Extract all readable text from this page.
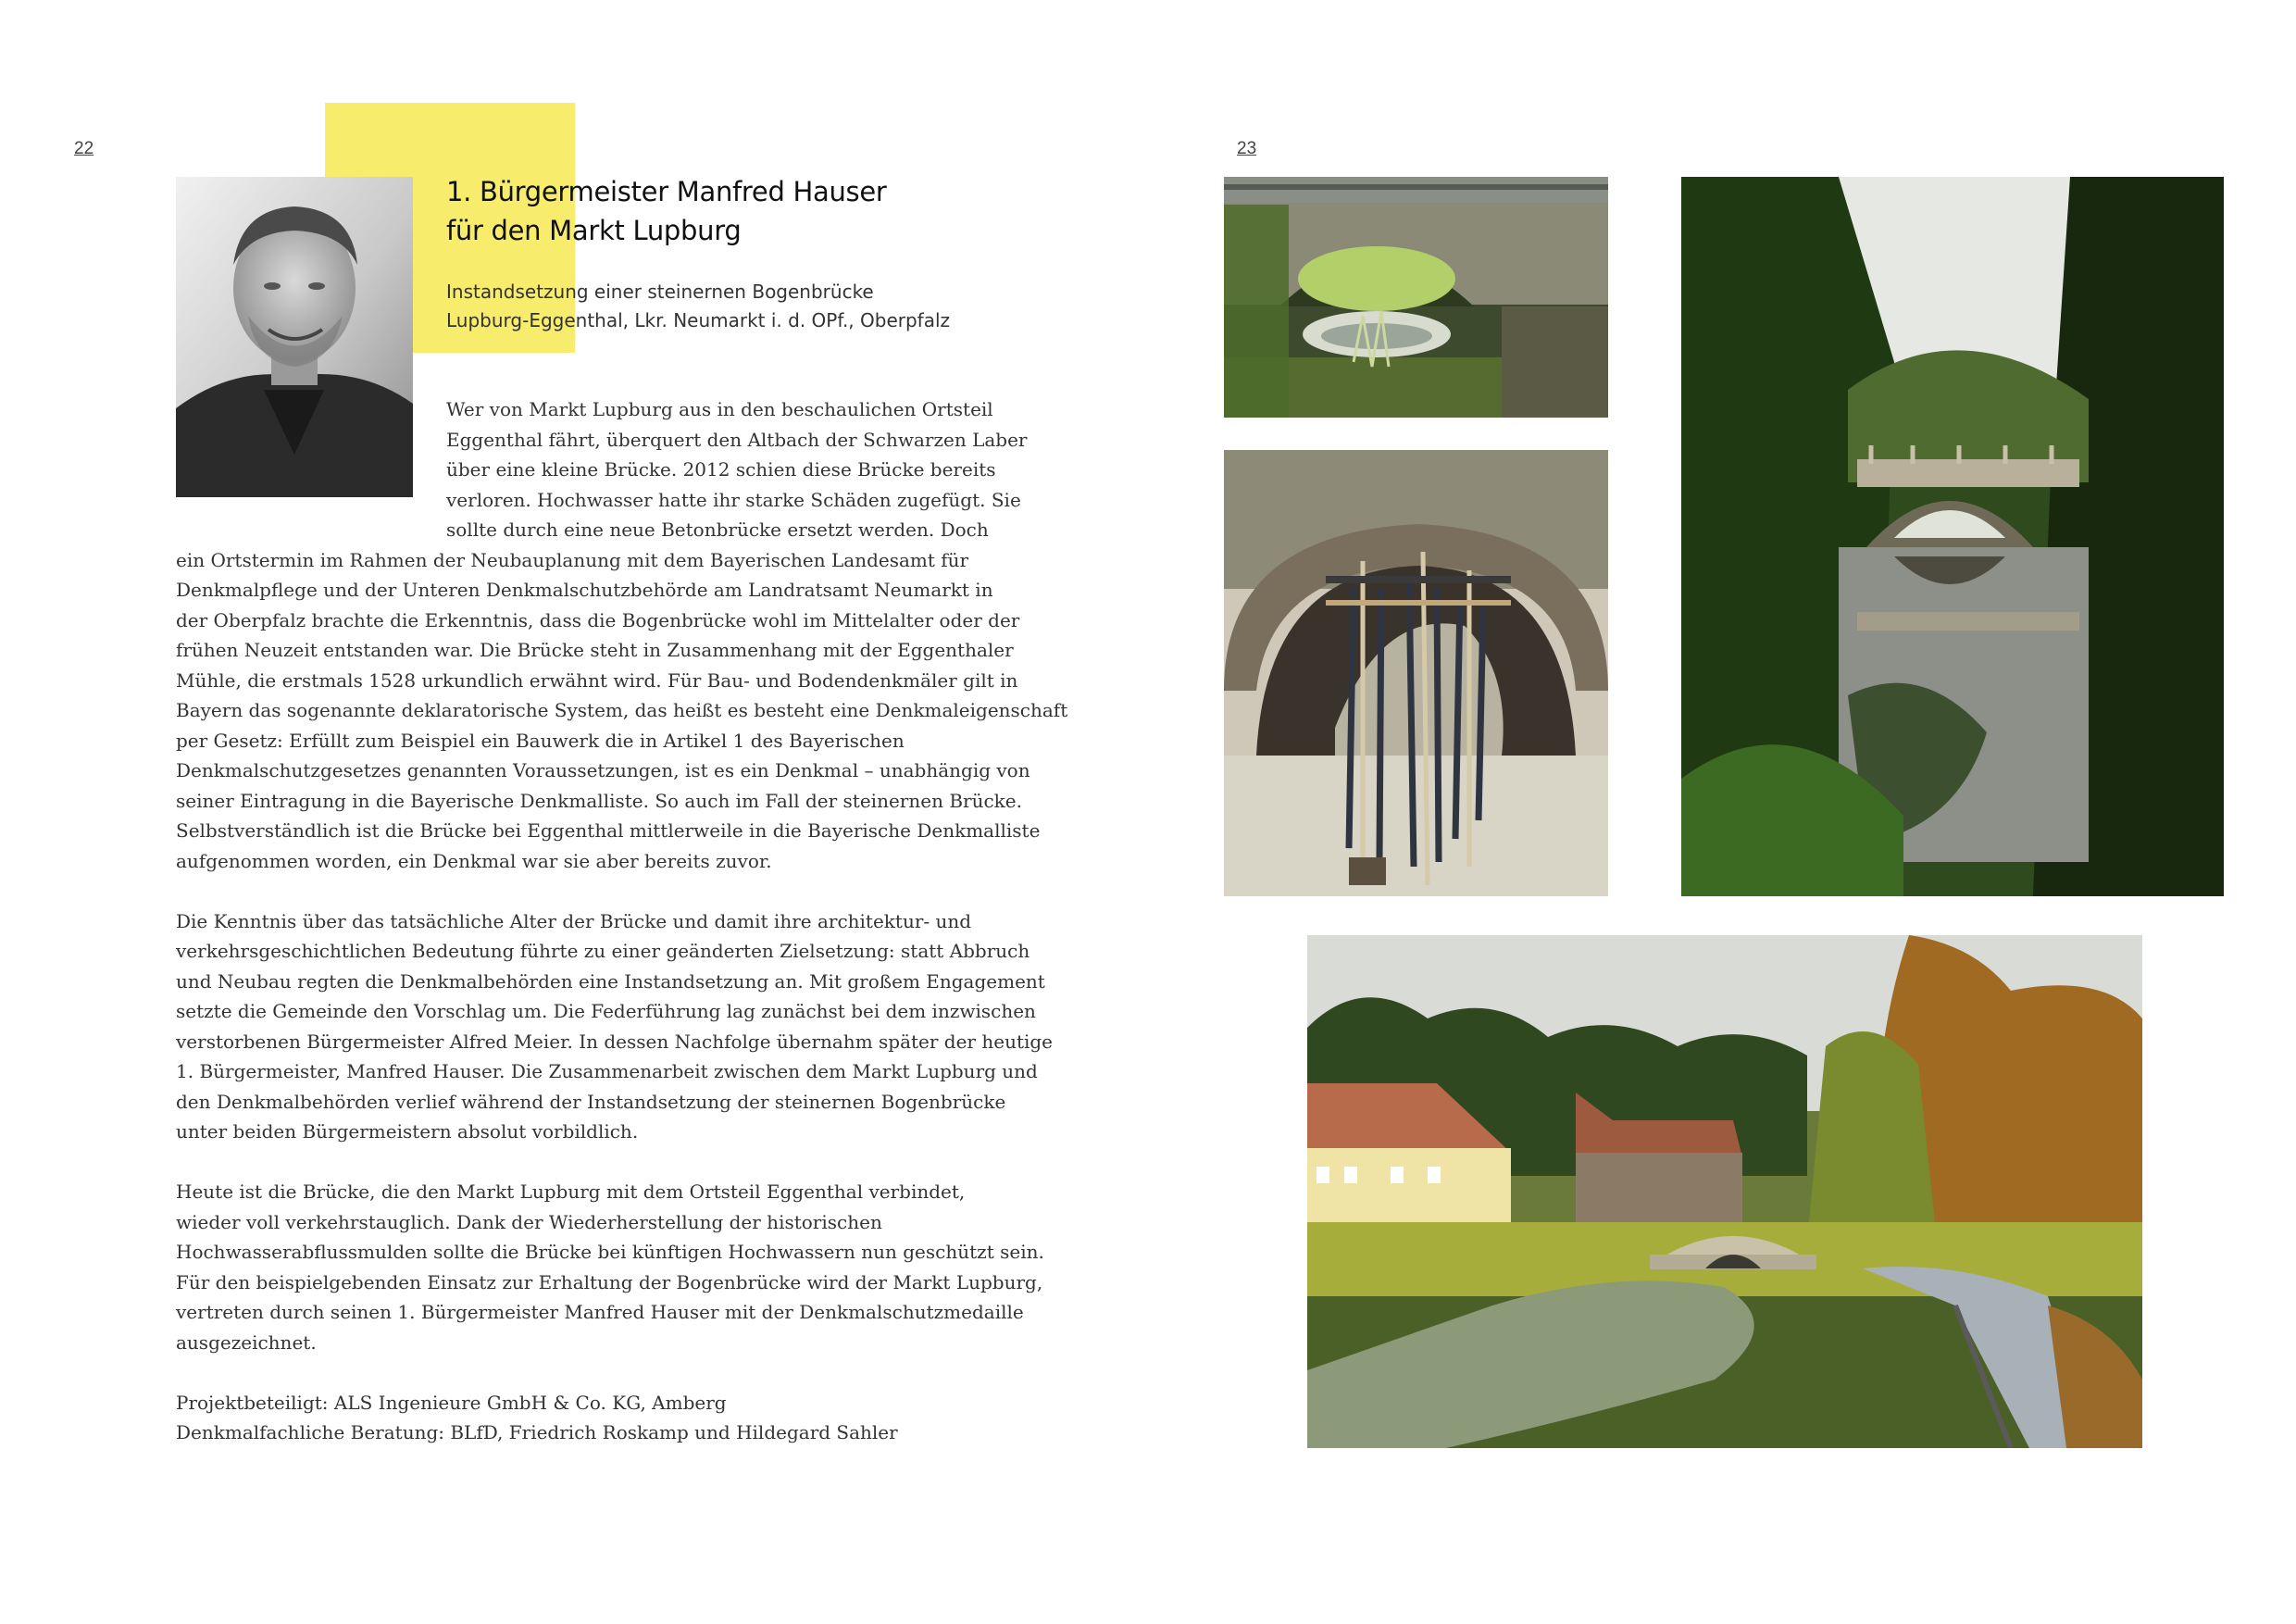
22	23
1. Bürgermeister Manfred Hauser
für den Markt Lupburg
Instandsetzung einer steinernen Bogenbrücke
Lupburg-Eggenthal, Lkr. Neumarkt i. d. OPf., Oberpfalz
Wer von Markt Lupburg aus in den beschaulichen Ortsteil
Eggenthal fährt, überquert den Altbach der Schwarzen Laber
über eine kleine Brücke. 2012 schien diese Brücke bereits
verloren. Hochwasser hatte ihr starke Schäden zugefügt. Sie
sollte durch eine neue Betonbrücke ersetzt werden. Doch
ein Ortstermin im Rahmen der Neubauplanung mit dem Bayerischen Landesamt für
Denkmalpflege und der Unteren Denkmalschutzbehörde am Landratsamt Neumarkt in
der Oberpfalz brachte die Erkenntnis, dass die Bogenbrücke wohl im Mittelalter oder der
frühen Neuzeit entstanden war. Die Brücke steht in Zusammenhang mit der Eggenthaler
Mühle, die erstmals 1528 urkundlich erwähnt wird. Für Bau- und Bodendenkmäler gilt in
Bayern das sogenannte deklaratorische System, das heißt es besteht eine Denkmaleigenschaft
per Gesetz: Erfüllt zum Beispiel ein Bauwerk die in Artikel 1 des Bayerischen
Denkmalschutzgesetzes genannten Voraussetzungen, ist es ein Denkmal – unabhängig von
seiner Eintragung in die Bayerische Denkmalliste. So auch im Fall der steinernen Brücke.
Selbstverständlich ist die Brücke bei Eggenthal mittlerweile in die Bayerische Denkmalliste
aufgenommen worden, ein Denkmal war sie aber bereits zuvor.
Die Kenntnis über das tatsächliche Alter der Brücke und damit ihre architektur- und
verkehrsgeschichtlichen Bedeutung führte zu einer geänderten Zielsetzung: statt Abbruch
und Neubau regten die Denkmalbehörden eine Instandsetzung an. Mit großem Engagement
setzte die Gemeinde den Vorschlag um. Die Federführung lag zunächst bei dem inzwischen
verstorbenen Bürgermeister Alfred Meier. In dessen Nachfolge übernahm später der heutige
1. Bürgermeister, Manfred Hauser. Die Zusammenarbeit zwischen dem Markt Lupburg und
den Denkmalbehörden verlief während der Instandsetzung der steinernen Bogenbrücke
unter beiden Bürgermeistern absolut vorbildlich.
Heute ist die Brücke, die den Markt Lupburg mit dem Ortsteil Eggenthal verbindet,
wieder voll verkehrstauglich. Dank der Wiederherstellung der historischen
Hochwasserabflussmulden sollte die Brücke bei künftigen Hochwassern nun geschützt sein.
Für den beispielgebenden Einsatz zur Erhaltung der Bogenbrücke wird der Markt Lupburg,
vertreten durch seinen 1. Bürgermeister Manfred Hauser mit der Denkmalschutzmedaille
ausgezeichnet.
Projektbeteiligt: ALS Ingenieure GmbH & Co. KG, Amberg
Denkmalfachliche Beratung: BLfD, Friedrich Roskamp und Hildegard Sahler
